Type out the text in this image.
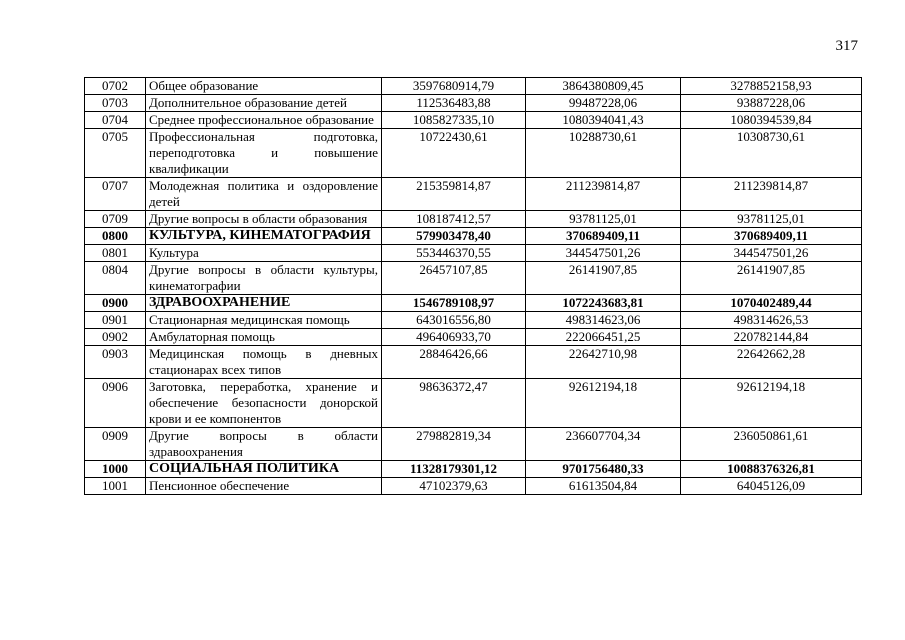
317
0702	Общее образование	3597680914,79	3864380809,45	3278852158,93
0703	Дополнительное образование детей	112536483,88	99487228,06	93887228,06
0704	Среднее профессиональное образование	1085827335,10	1080394041,43	1080394539,84
0705	Профессиональная подготовка, переподготовка и повышение квалификации	10722430,61	10288730,61	10308730,61
0707	Молодежная политика и оздоровление детей	215359814,87	211239814,87	211239814,87
0709	Другие вопросы в области образования	108187412,57	93781125,01	93781125,01
0800	КУЛЬТУРА, КИНЕМАТОГРАФИЯ	579903478,40	370689409,11	370689409,11
0801	Культура	553446370,55	344547501,26	344547501,26
0804	Другие вопросы в области культуры, кинематографии	26457107,85	26141907,85	26141907,85
0900	ЗДРАВООХРАНЕНИЕ	1546789108,97	1072243683,81	1070402489,44
0901	Стационарная медицинская помощь	643016556,80	498314623,06	498314626,53
0902	Амбулаторная помощь	496406933,70	222066451,25	220782144,84
0903	Медицинская помощь в дневных стационарах всех типов	28846426,66	22642710,98	22642662,28
0906	Заготовка, переработка, хранение и обеспечение безопасности донорской крови и ее компонентов	98636372,47	92612194,18	92612194,18
0909	Другие вопросы в области здравоохранения	279882819,34	236607704,34	236050861,61
1000	СОЦИАЛЬНАЯ ПОЛИТИКА	11328179301,12	9701756480,33	10088376326,81
1001	Пенсионное обеспечение	47102379,63	61613504,84	64045126,09
